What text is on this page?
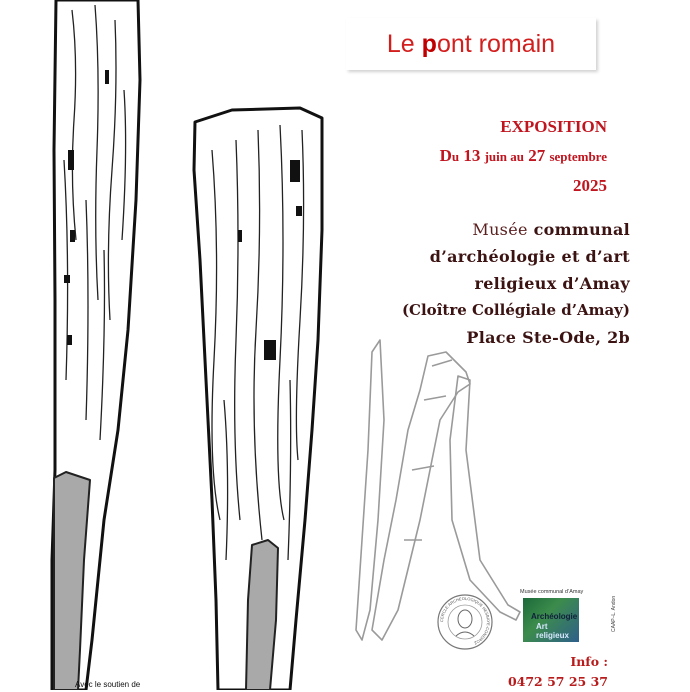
CERCLE ARCHÉOLOGIQUE HESBAYE-CONDROZ
Le pont romain
EXPOSITION
Du 13 juin au 27 septembre
2025
Musée communal
d’archéologie et d’art
religieux d’Amay
(Cloître Collégiale d’Amay)
Place Ste-Ode, 2b
Musée communal d’Amay
Archéologie
Art religieux
Info :
0472 57 25 37
CAAP–L. Andon
Avec le soutien de
